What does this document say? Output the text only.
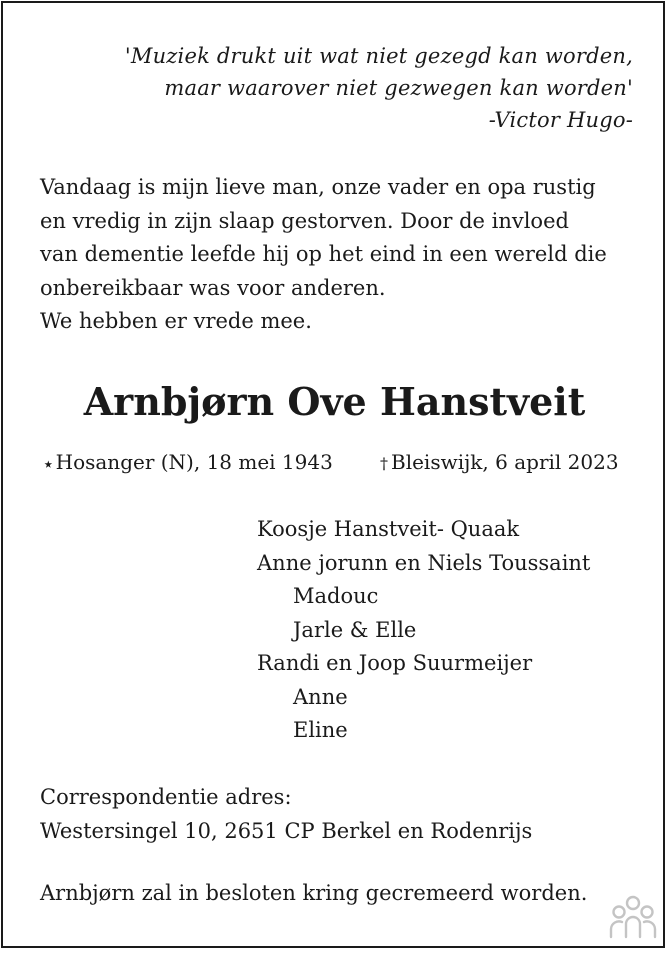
'Muziek drukt uit wat niet gezegd kan worden,
maar waarover niet gezwegen kan worden'
-Victor Hugo-
Vandaag is mijn lieve man, onze vader en opa rustig
en vredig in zijn slaap gestorven. Door de invloed
van dementie leefde hij op het eind in een wereld die
onbereikbaar was voor anderen.
We hebben er vrede mee.
Arnbjørn Ove Hanstveit
⭑ Hosanger (N), 18 mei 1943	† Bleiswijk, 6 april 2023
Koosje Hanstveit- Quaak
Anne jorunn en Niels Toussaint
Madouc
Jarle & Elle
Randi en Joop Suurmeijer
Anne
Eline
Correspondentie adres:
Westersingel 10, 2651 CP Berkel en Rodenrijs
Arnbjørn zal in besloten kring gecremeerd worden.
